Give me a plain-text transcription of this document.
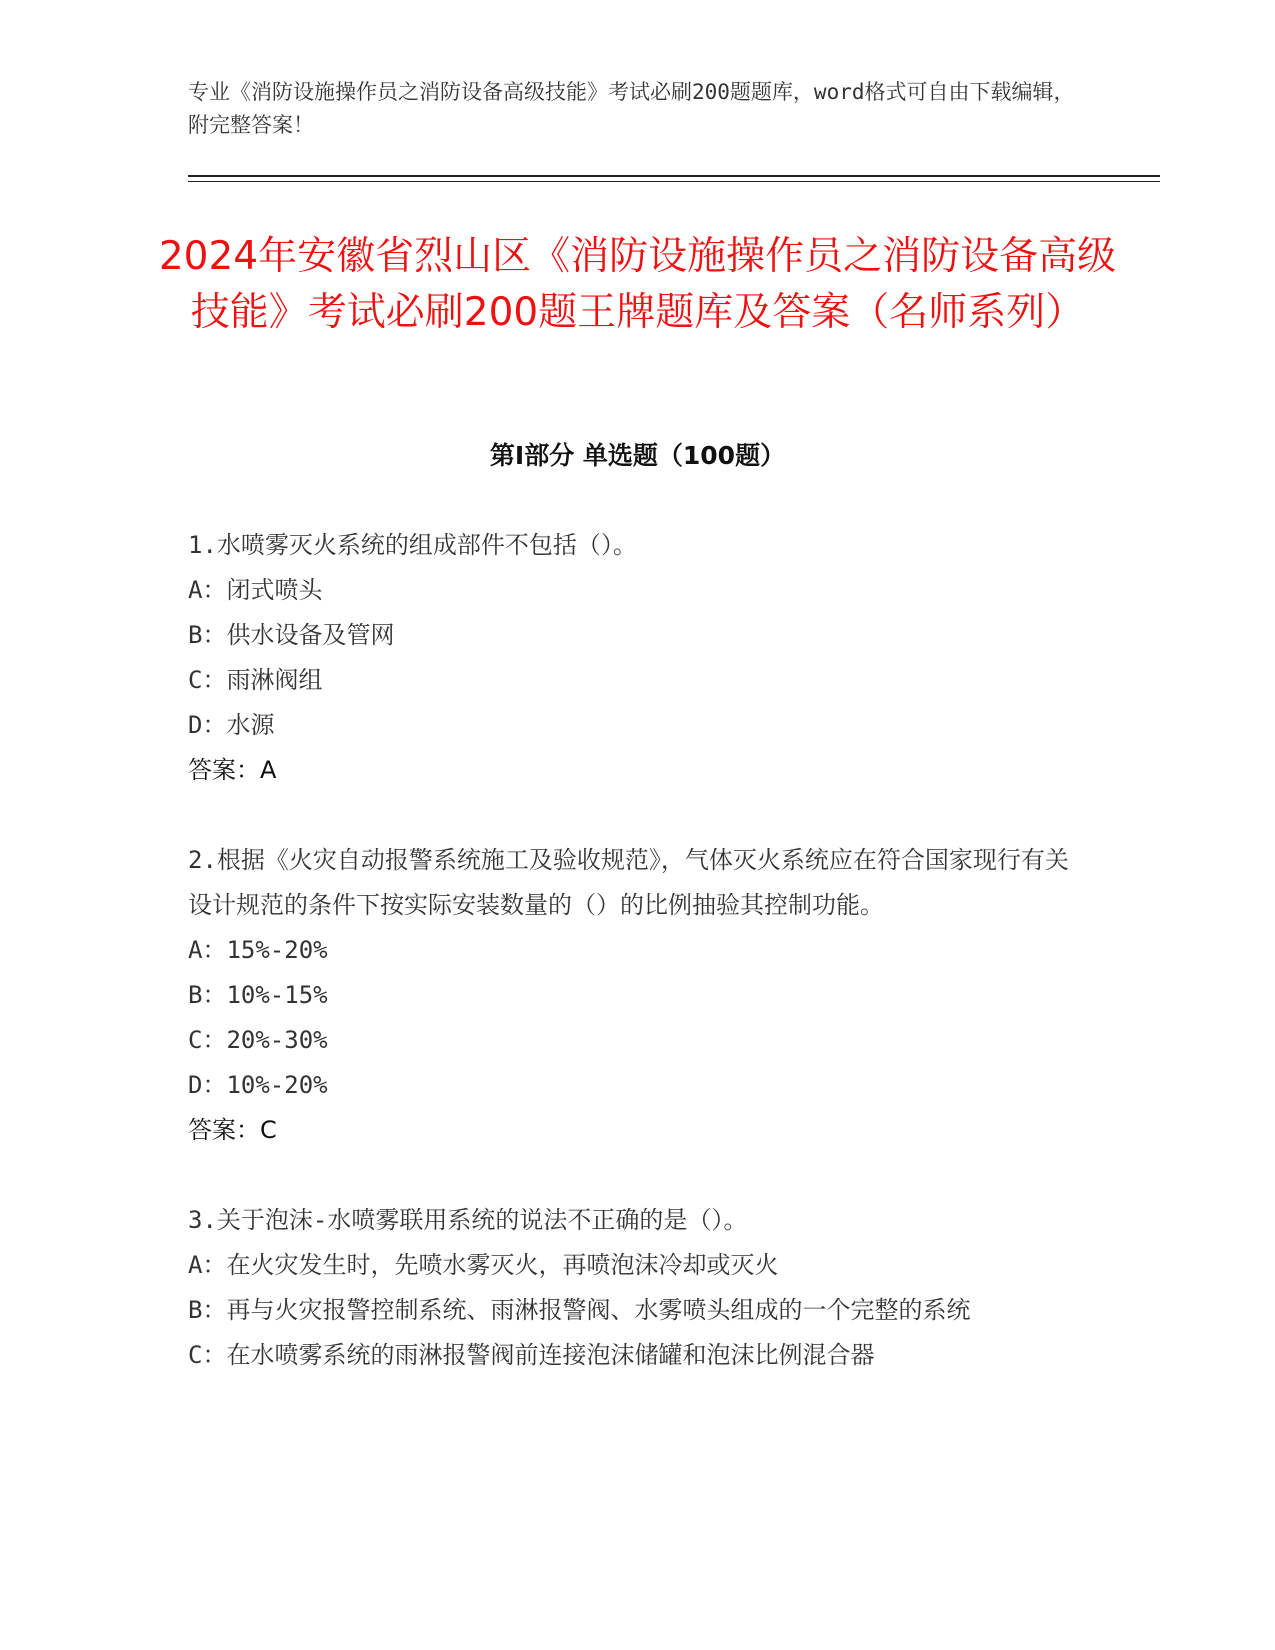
专业《消防设施操作员之消防设备高级技能》考试必刷200题题库，word格式可自由下载编辑，附完整答案！
2024年安徽省烈山区《消防设施操作员之消防设备高级技能》考试必刷200题王牌题库及答案（名师系列）
第Ⅰ部分 单选题（100题）
1.水喷雾灭火系统的组成部件不包括（）。
A：闭式喷头
B：供水设备及管网
C：雨淋阀组
D：水源
答案：A
2.根据《火灾自动报警系统施工及验收规范》，气体灭火系统应在符合国家现行有关设计规范的条件下按实际安装数量的（）的比例抽验其控制功能。
A：15%-20%
B：10%-15%
C：20%-30%
D：10%-20%
答案：C
3.关于泡沫-水喷雾联用系统的说法不正确的是（）。
A：在火灾发生时，先喷水雾灭火，再喷泡沫冷却或灭火
B：再与火灾报警控制系统、雨淋报警阀、水雾喷头组成的一个完整的系统
C：在水喷雾系统的雨淋报警阀前连接泡沫储罐和泡沫比例混合器
